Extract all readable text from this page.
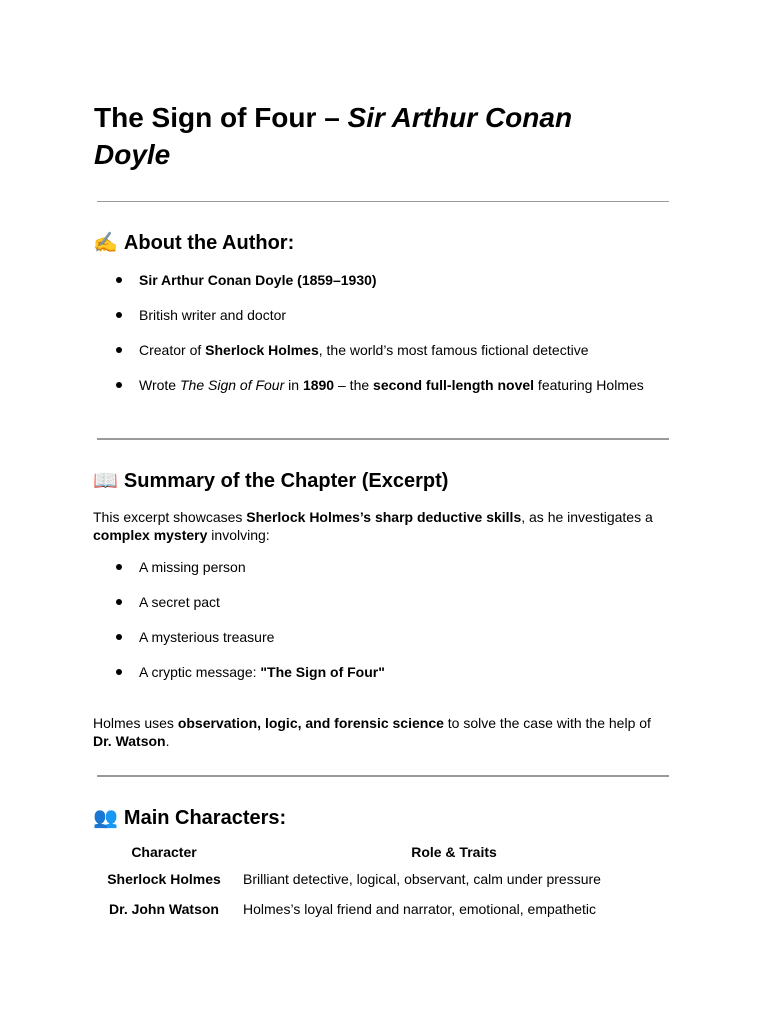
The Sign of Four – Sir Arthur Conan Doyle
✍️ About the Author:
Sir Arthur Conan Doyle (1859–1930)
British writer and doctor
Creator of Sherlock Holmes, the world’s most famous fictional detective
Wrote The Sign of Four in 1890 – the second full-length novel featuring Holmes
📖 Summary of the Chapter (Excerpt)

This excerpt showcases Sherlock Holmes’s sharp deductive skills, as he investigates a complex mystery involving:

A missing person
A secret pact
A mysterious treasure
A cryptic message: "The Sign of Four"

Holmes uses observation, logic, and forensic science to solve the case with the help of Dr. Watson.

👥 Main Characters:
Character	Role & Traits
Sherlock Holmes	Brilliant detective, logical, observant, calm under pressure
Dr. John Watson	Holmes’s loyal friend and narrator, emotional, empathetic
